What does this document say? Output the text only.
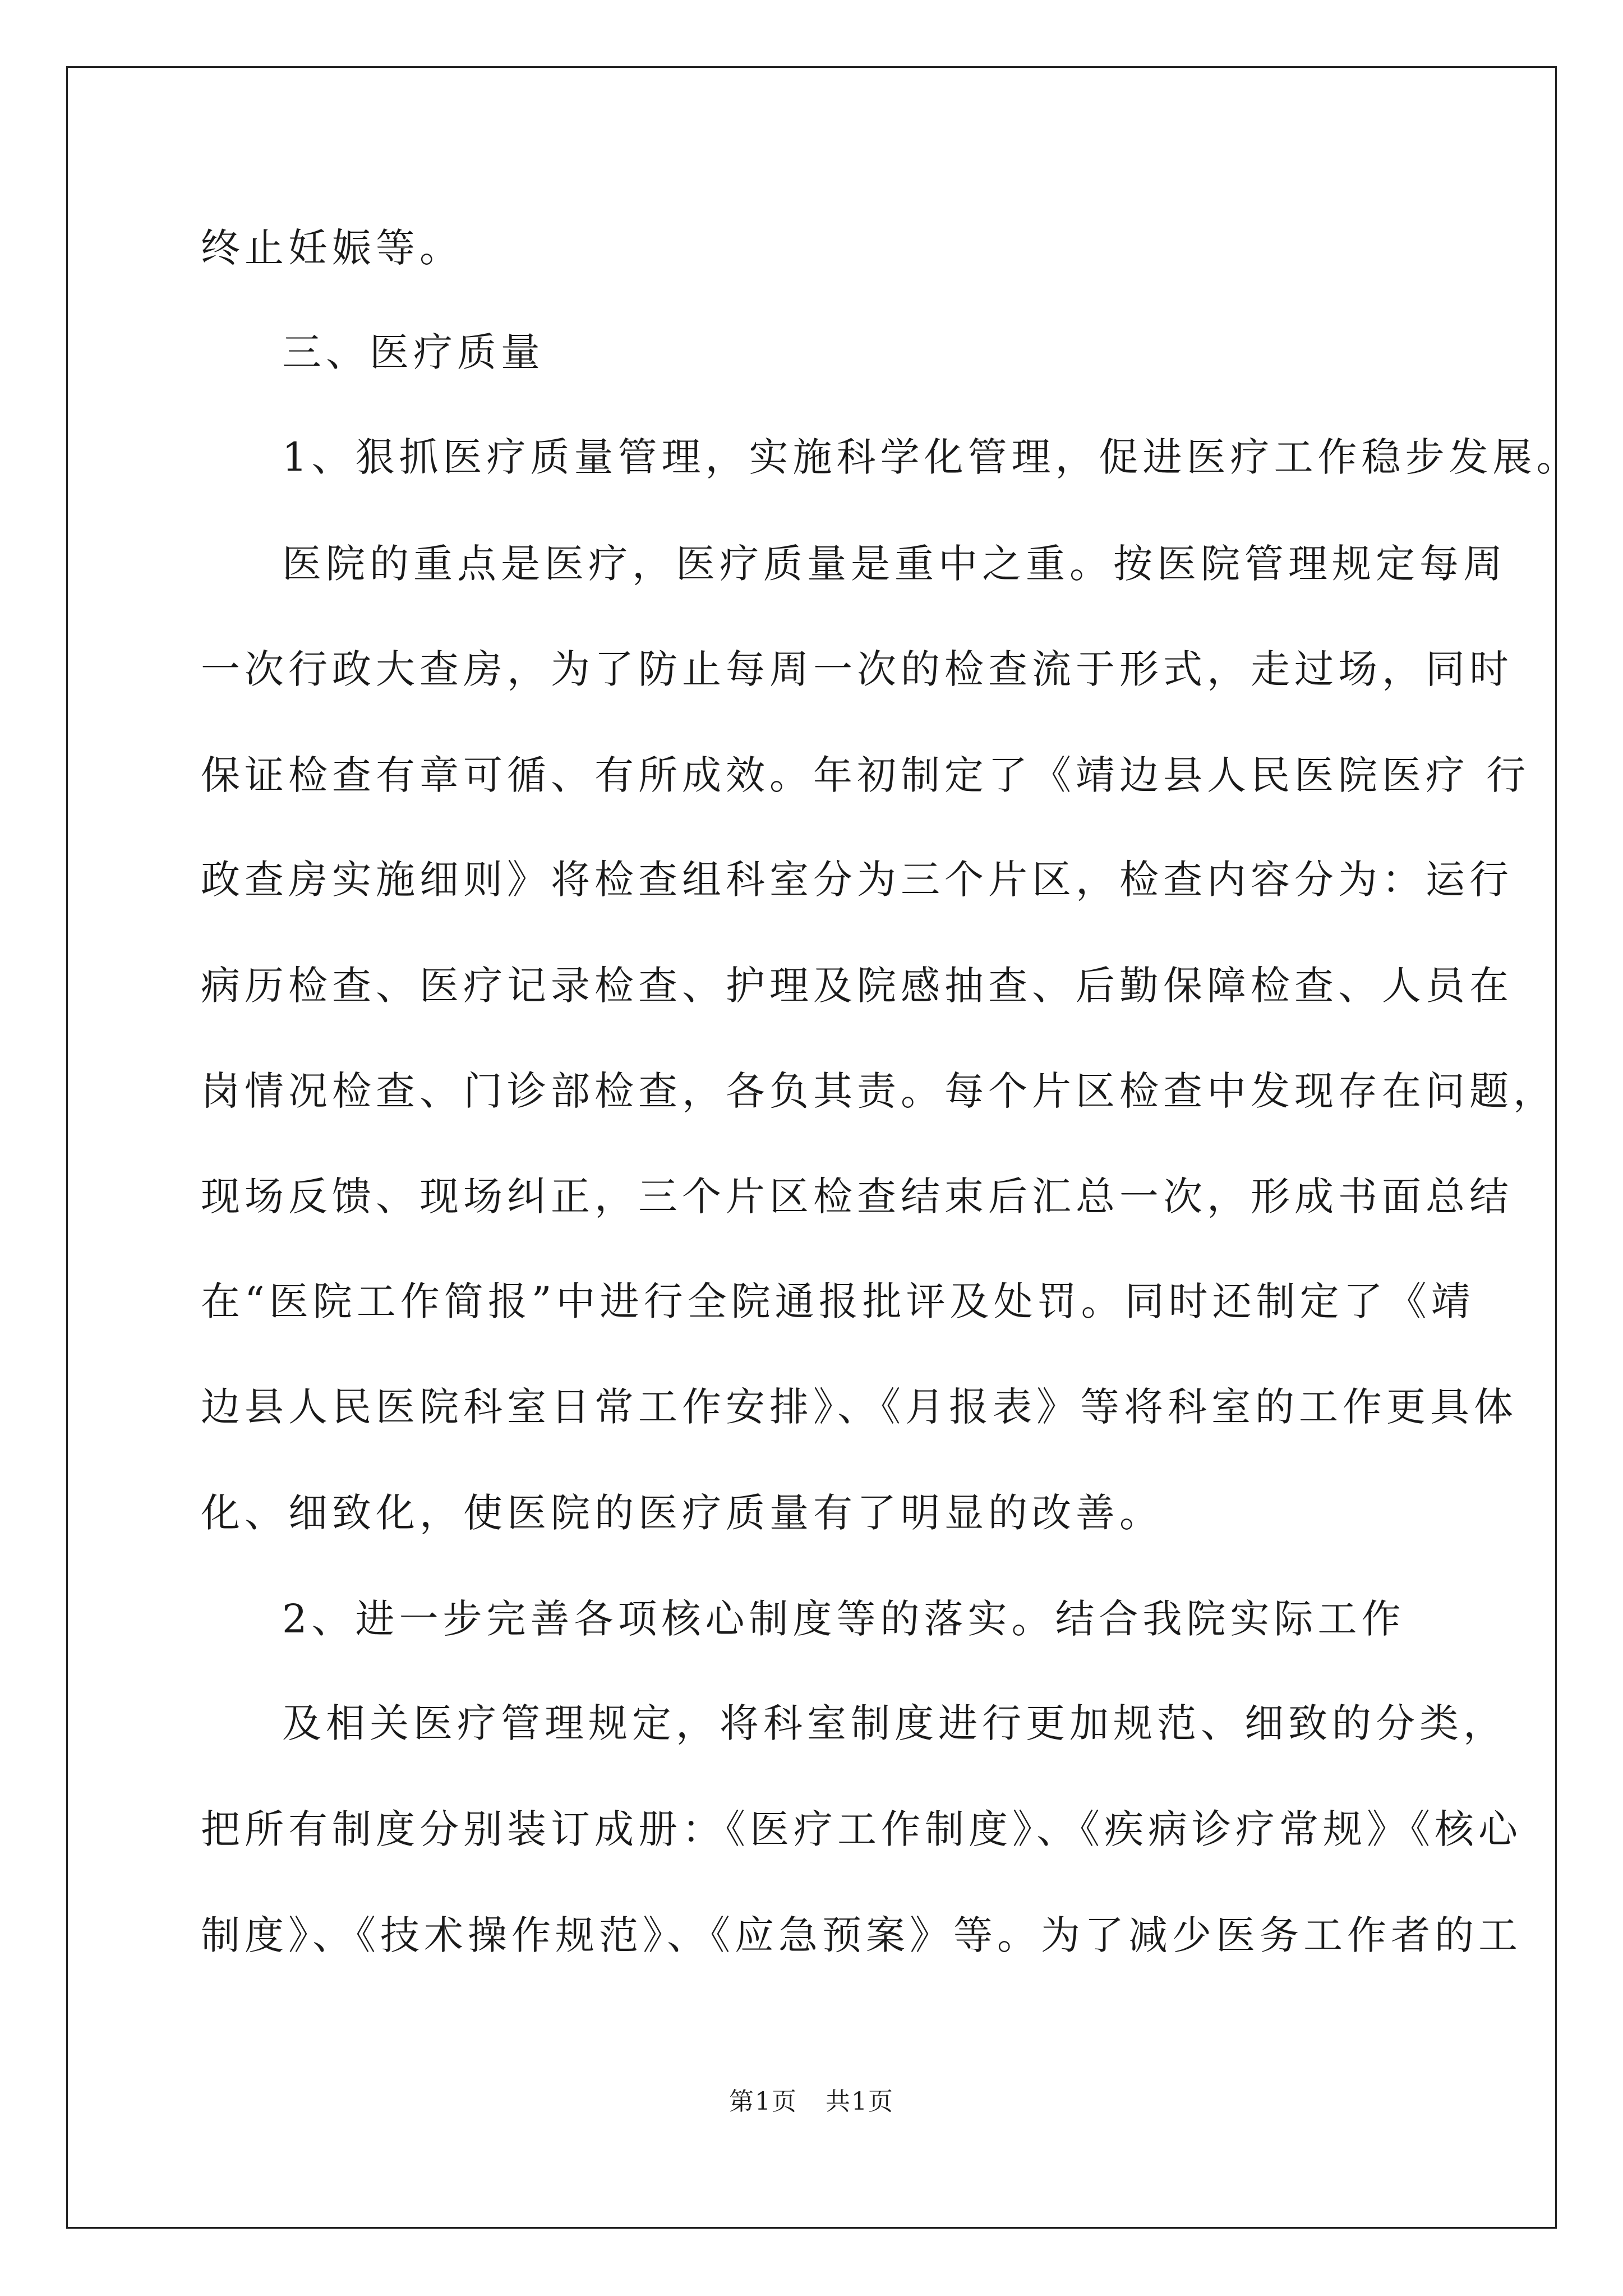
终止妊娠等。
三、医疗质量
1、狠抓医疗质量管理，实施科学化管理，促进医疗工作稳步发展。
医院的重点是医疗，医疗质量是重中之重。按医院管理规定每周
一次行政大查房，为了防止每周一次的检查流于形式，走过场，同时
保证检查有章可循、有所成效。年初制定了《靖边县人民医院医疗 行
政查房实施细则》将检查组科室分为三个片区，检查内容分为：运行
病历检查、医疗记录检查、护理及院感抽查、后勤保障检查、人员在
岗情况检查、门诊部检查，各负其责。每个片区检查中发现存在问题，
现场反馈、现场纠正，三个片区检查结束后汇总一次，形成书面总结
在“医院工作简报”中进行全院通报批评及处罚。同时还制定了《靖
边县人民医院科室日常工作安排》、《月报表》等将科室的工作更具体
化、细致化，使医院的医疗质量有了明显的改善。
2、进一步完善各项核心制度等的落实。结合我院实际工作
及相关医疗管理规定，将科室制度进行更加规范、细致的分类，
把所有制度分别装订成册：《医疗工作制度》、《疾病诊疗常规》《核心
制度》、《技术操作规范》、《应急预案》等。为了减少医务工作者的工
第1页 共1页
